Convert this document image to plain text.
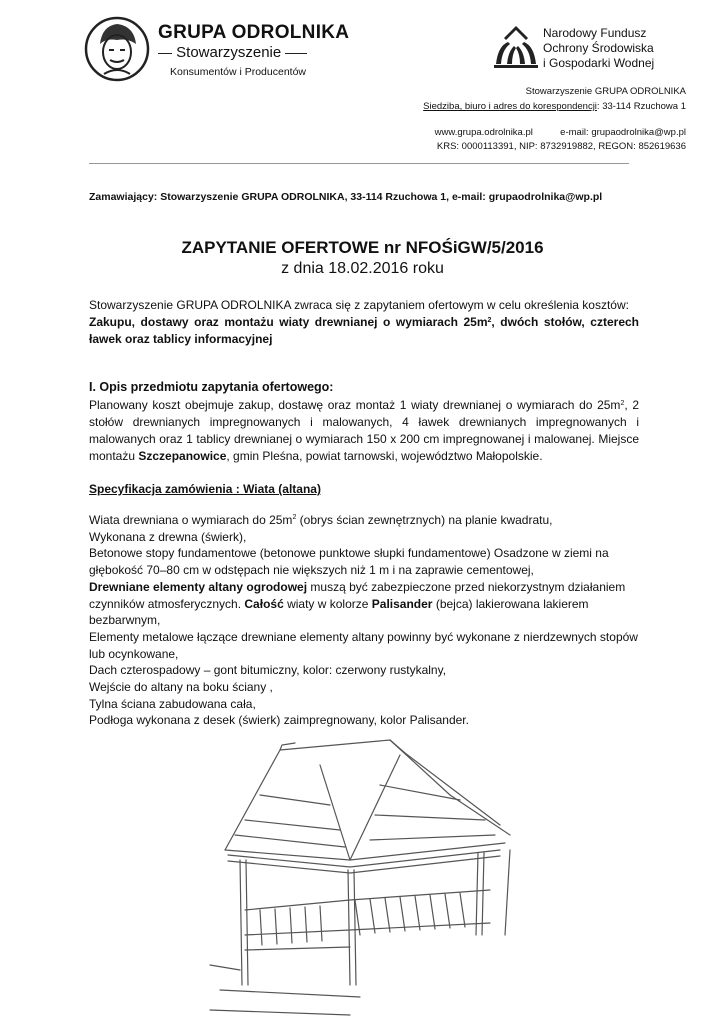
GRUPA ODROLNIKA
Stowarzyszenie
Konsumentów i Producentów
Narodowy Fundusz
Ochrony Środowiska
i Gospodarki Wodnej
Stowarzyszenie GRUPA ODROLNIKA
Siedziba, biuro i adres do korespondencji: 33-114 Rzuchowa 1
www.grupa.odrolnika.pl	e-mail: grupaodrolnika@wp.pl
KRS: 0000113391, NIP: 8732919882, REGON: 852619636
Zamawiający: Stowarzyszenie GRUPA ODROLNIKA, 33-114 Rzuchowa 1, e-mail: grupaodrolnika@wp.pl
ZAPYTANIE OFERTOWE nr NFOŚiGW/5/2016
z dnia 18.02.2016 roku
Stowarzyszenie GRUPA ODROLNIKA zwraca się z zapytaniem ofertowym w celu określenia kosztów:
Zakupu, dostawy oraz montażu wiaty drewnianej o wymiarach $25m^2$, dwóch stołów, czterech ławek oraz tablicy informacyjnej
I. Opis przedmiotu zapytania ofertowego:
Planowany koszt obejmuje zakup, dostawę oraz montaż 1 wiaty drewnianej o wymiarach do $25m^2$, 2 stołów drewnianych impregnowanych i malowanych, 4 ławek drewnianych impregnowanych i malowanych oraz 1 tablicy drewnianej o wymiarach 150 x 200 cm impregnowanej i malowanej. Miejsce montażu Szczepanowice, gmin Pleśna, powiat tarnowski, województwo Małopolskie.
Specyfikacja zamówienia : Wiata (altana)

Wiata drewniana o wymiarach do $25m^2$ (obrys ścian zewnętrznych) na planie kwadratu,

Wykonana z drewna (świerk),

Betonowe stopy fundamentowe (betonowe punktowe słupki fundamentowe) Osadzone w ziemi na głębokość 70–80 cm w odstępach nie większych niż 1 m i na zaprawie cementowej,

Drewniane elementy altany ogrodowej muszą być zabezpieczone przed niekorzystnym działaniem czynników atmosferycznych. Całość wiaty w kolorze Palisander (bejca) lakierowana lakierem bezbarwnym,

Elementy metalowe łączące drewniane elementy altany powinny być wykonane z nierdzewnych stopów lub ocynkowane,

Dach czterospadowy – gont bitumiczny, kolor: czerwony rustykalny,

Wejście do altany na boku ściany ,

Tylna ściana zabudowana cała,

Podłoga wykonana z desek (świerk) zaimpregnowany, kolor Palisander.
